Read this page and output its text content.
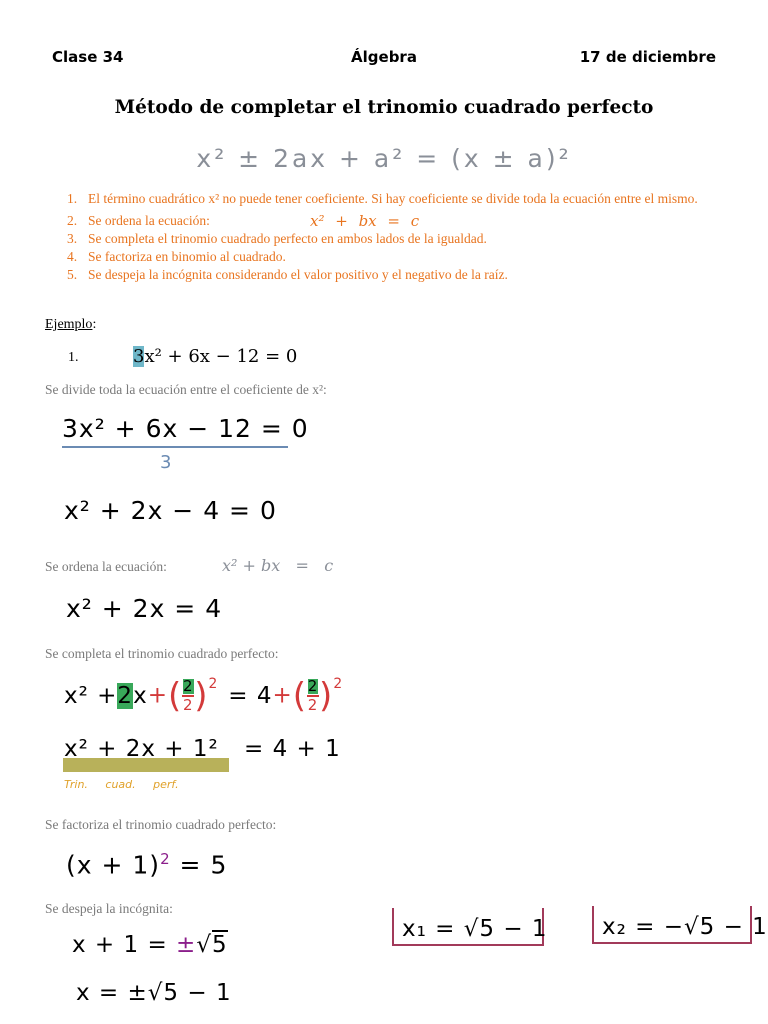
Clase 34	Álgebra	17 de diciembre
Método de completar el trinomio cuadrado perfecto
x² ± 2ax + a² = (x ± a)²
1. El término cuadrático x² no puede tener coeficiente. Si hay coeficiente se divide toda la ecuación entre el mismo.
2. Se ordena la ecuación:	x² + bx = c
3. Se completa el trinomio cuadrado perfecto en ambos lados de la igualdad.
4. Se factoriza en binomio al cuadrado.
5. Se despeja la incógnita considerando el valor positivo y el negativo de la raíz.
Ejemplo:
1.	3x² + 6x − 12 = 0
Se divide toda la ecuación entre el coeficiente de x²:
3x² + 6x − 12 = 0
3
x² + 2x − 4 = 0
Se ordena la ecuación:	x² + bx   =   c
x² + 2x = 4
Se completa el trinomio cuadrado perfecto:
x² + 2 x +( $\frac{2}{2} )^2 = 4$ +( $\frac{2}{2} )^2$
x² + 2x + 1² = 4 + 1
Trin. cuad. perf.
Se factoriza el trinomio cuadrado perfecto:
$(x + 1)^2 = 5$
Se despeja la incógnita:
x + 1 = ±√5
x = ±√5 − 1
x₁ = √5 − 1 x₂ = −√5 − 1
